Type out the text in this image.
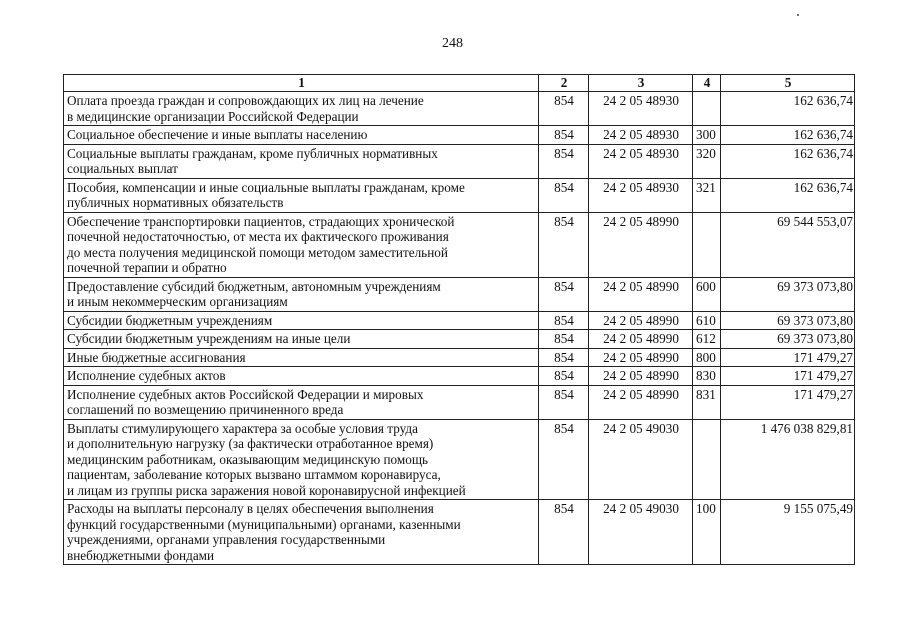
248
1	2	3	4	5
Оплата проезда граждан и сопровождающих их лиц на лечение
в медицинские организации Российской Федерации	854	24 2 05 48930		162 636,74
Социальное обеспечение и иные выплаты населению	854	24 2 05 48930	300	162 636,74
Социальные выплаты гражданам, кроме публичных нормативных
социальных выплат	854	24 2 05 48930	320	162 636,74
Пособия, компенсации и иные социальные выплаты гражданам, кроме
публичных нормативных обязательств	854	24 2 05 48930	321	162 636,74
Обеспечение транспортировки пациентов, страдающих хронической
почечной недостаточностью, от места их фактического проживания
до места получения медицинской помощи методом заместительной
почечной терапии и обратно	854	24 2 05 48990		69 544 553,07
Предоставление субсидий бюджетным, автономным учреждениям
и иным некоммерческим организациям	854	24 2 05 48990	600	69 373 073,80
Субсидии бюджетным учреждениям	854	24 2 05 48990	610	69 373 073,80
Субсидии бюджетным учреждениям на иные цели	854	24 2 05 48990	612	69 373 073,80
Иные бюджетные ассигнования	854	24 2 05 48990	800	171 479,27
Исполнение судебных актов	854	24 2 05 48990	830	171 479,27
Исполнение судебных актов Российской Федерации и мировых
соглашений по возмещению причиненного вреда	854	24 2 05 48990	831	171 479,27
Выплаты стимулирующего характера за особые условия труда
и дополнительную нагрузку (за фактически отработанное время)
медицинским работникам, оказывающим медицинскую помощь
пациентам, заболевание которых вызвано штаммом коронавируса,
и лицам из группы риска заражения новой коронавирусной инфекцией	854	24 2 05 49030		1 476 038 829,81
Расходы на выплаты персоналу в целях обеспечения выполнения
функций государственными (муниципальными) органами, казенными
учреждениями, органами управления государственными
внебюджетными фондами	854	24 2 05 49030	100	9 155 075,49
